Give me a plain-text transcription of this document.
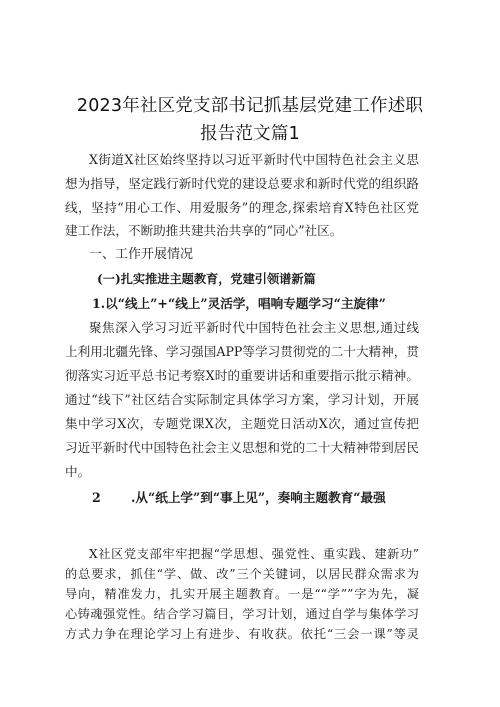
2023年社区党支部书记抓基层党建工作述职
报告范文篇1
X街道X社区始终坚持以习近平新时代中国特色社会主义思
想为指导，坚定践行新时代党的建设总要求和新时代党的组织路
线，坚持“用心工作、用爱服务”的理念,探索培育X特色社区党
建工作法，不断助推共建共治共享的“同心”社区。
一、工作开展情况
(一)扎实推进主题教育，党建引领谱新篇
1.以“线上”+“线上”灵活学，唱响专题学习“主旋律”
聚焦深入学习习近平新时代中国特色社会主义思想,通过线
上利用北疆先锋、学习强国APP等学习贯彻党的二十大精神，贯
彻落实习近平总书记考察X时的重要讲话和重要指示批示精神。
通过“线下”社区结合实际制定具体学习方案，学习计划，开展
集中学习X次，专题党课X次，主题党日活动X次，通过宣传把
习近平新时代中国特色社会主义思想和党的二十大精神带到居民
中。
2 .从“纸上学”到“事上见”，奏响主题教育“最强
X社区党支部牢牢把握“学思想、强党性、重实践、建新功”
的总要求，抓住“学、做、改”三个关键词，以居民群众需求为
导向，精准发力，扎实开展主题教育。一是““学””字为先，凝
心铸魂强党性。结合学习篇目，学习计划，通过自学与集体学习
方式力争在理论学习上有进步、有收获。依托“三会一课”等灵
